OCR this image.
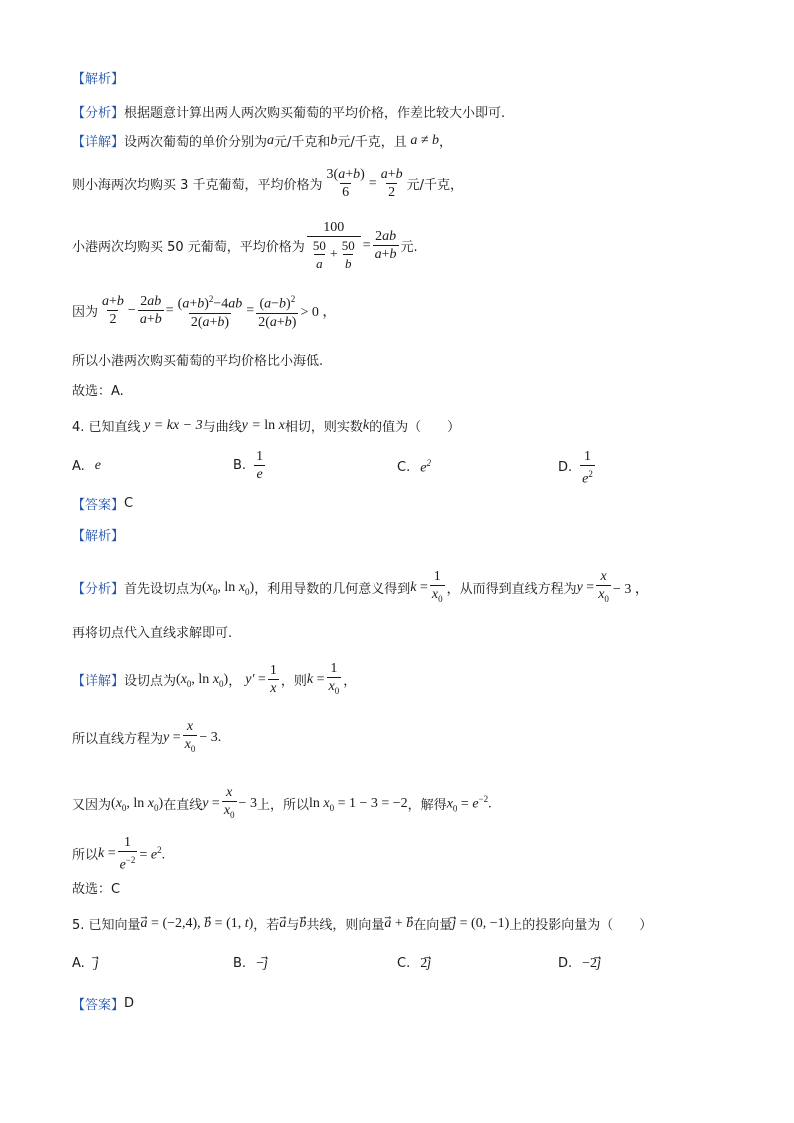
【解析】
【分析】 根据题意计算出两人两次购买葡萄的平均价格，作差比较大小即可.
【详解】 设两次葡萄的单价分别为 a 元/千克和 b 元/千克，且 a ≠ b ，
则小海两次均购买 3 千克葡萄，平均价格为 $\frac{3(a+b)}{6} = \frac{a+b}{2}$ 元/千克，
小港两次均购买 50 元葡萄，平均价格为 100
50
a
+
50
$b = \frac{2ab}{a+b}$ 元.
因为
a+b
2
− $\frac{2ab}{a+b} = \frac{(a+b)^2-4ab}{2(a+b)} = \frac{(a-b)^2}{2(a+b)} > 0$ ，
所以小港两次购买葡萄的平均价格比小海低.
故选：A.
4. 已知直线 y = kx − 3 与曲线 y = ln x 相切，则实数 k 的值为（　　）
A. e	B.
1
e	C. $e^2$	D.
1
$e^2$
【答案】 C
【解析】
【分析】 首先设切点为 ($x_0$, $\ln x_0$) ，利用导数的几何意义得到 $k = \frac{1}{x_0}$ ，从而得到直线方程为 $y = \frac{x}{x_0} - 3$ ，
再将切点代入直线求解即可.
【详解】 设切点为 ($x_0$, $\ln x_0$) ， $y' = \frac{1}{x}$ ，则 $k = \frac{1}{x_0}$ ，
所以直线方程为 $y = \frac{x}{x_0} - 3$.
又因为 ($x_0$, $\ln x_0$) 在直线 $y = \frac{x}{x_0} - 3$ 上，所以 $\ln x_0 = 1 - 3 = -2$ ，解得 $x_0 = e^{-2}$.
所以 $k = \frac{1}{e^{-2}} = e^2$.
故选：C
5. 已知向量 a⃗ = (−2,4), b⃗ = (1, t) ，若 a 与 b 共线，则向量 a⃗ + b 在向量 j⃗ = (0, −1) 上的投影向量为（　　）
A. j	B. −j	C. 2j	D. −2j
【答案】 D
